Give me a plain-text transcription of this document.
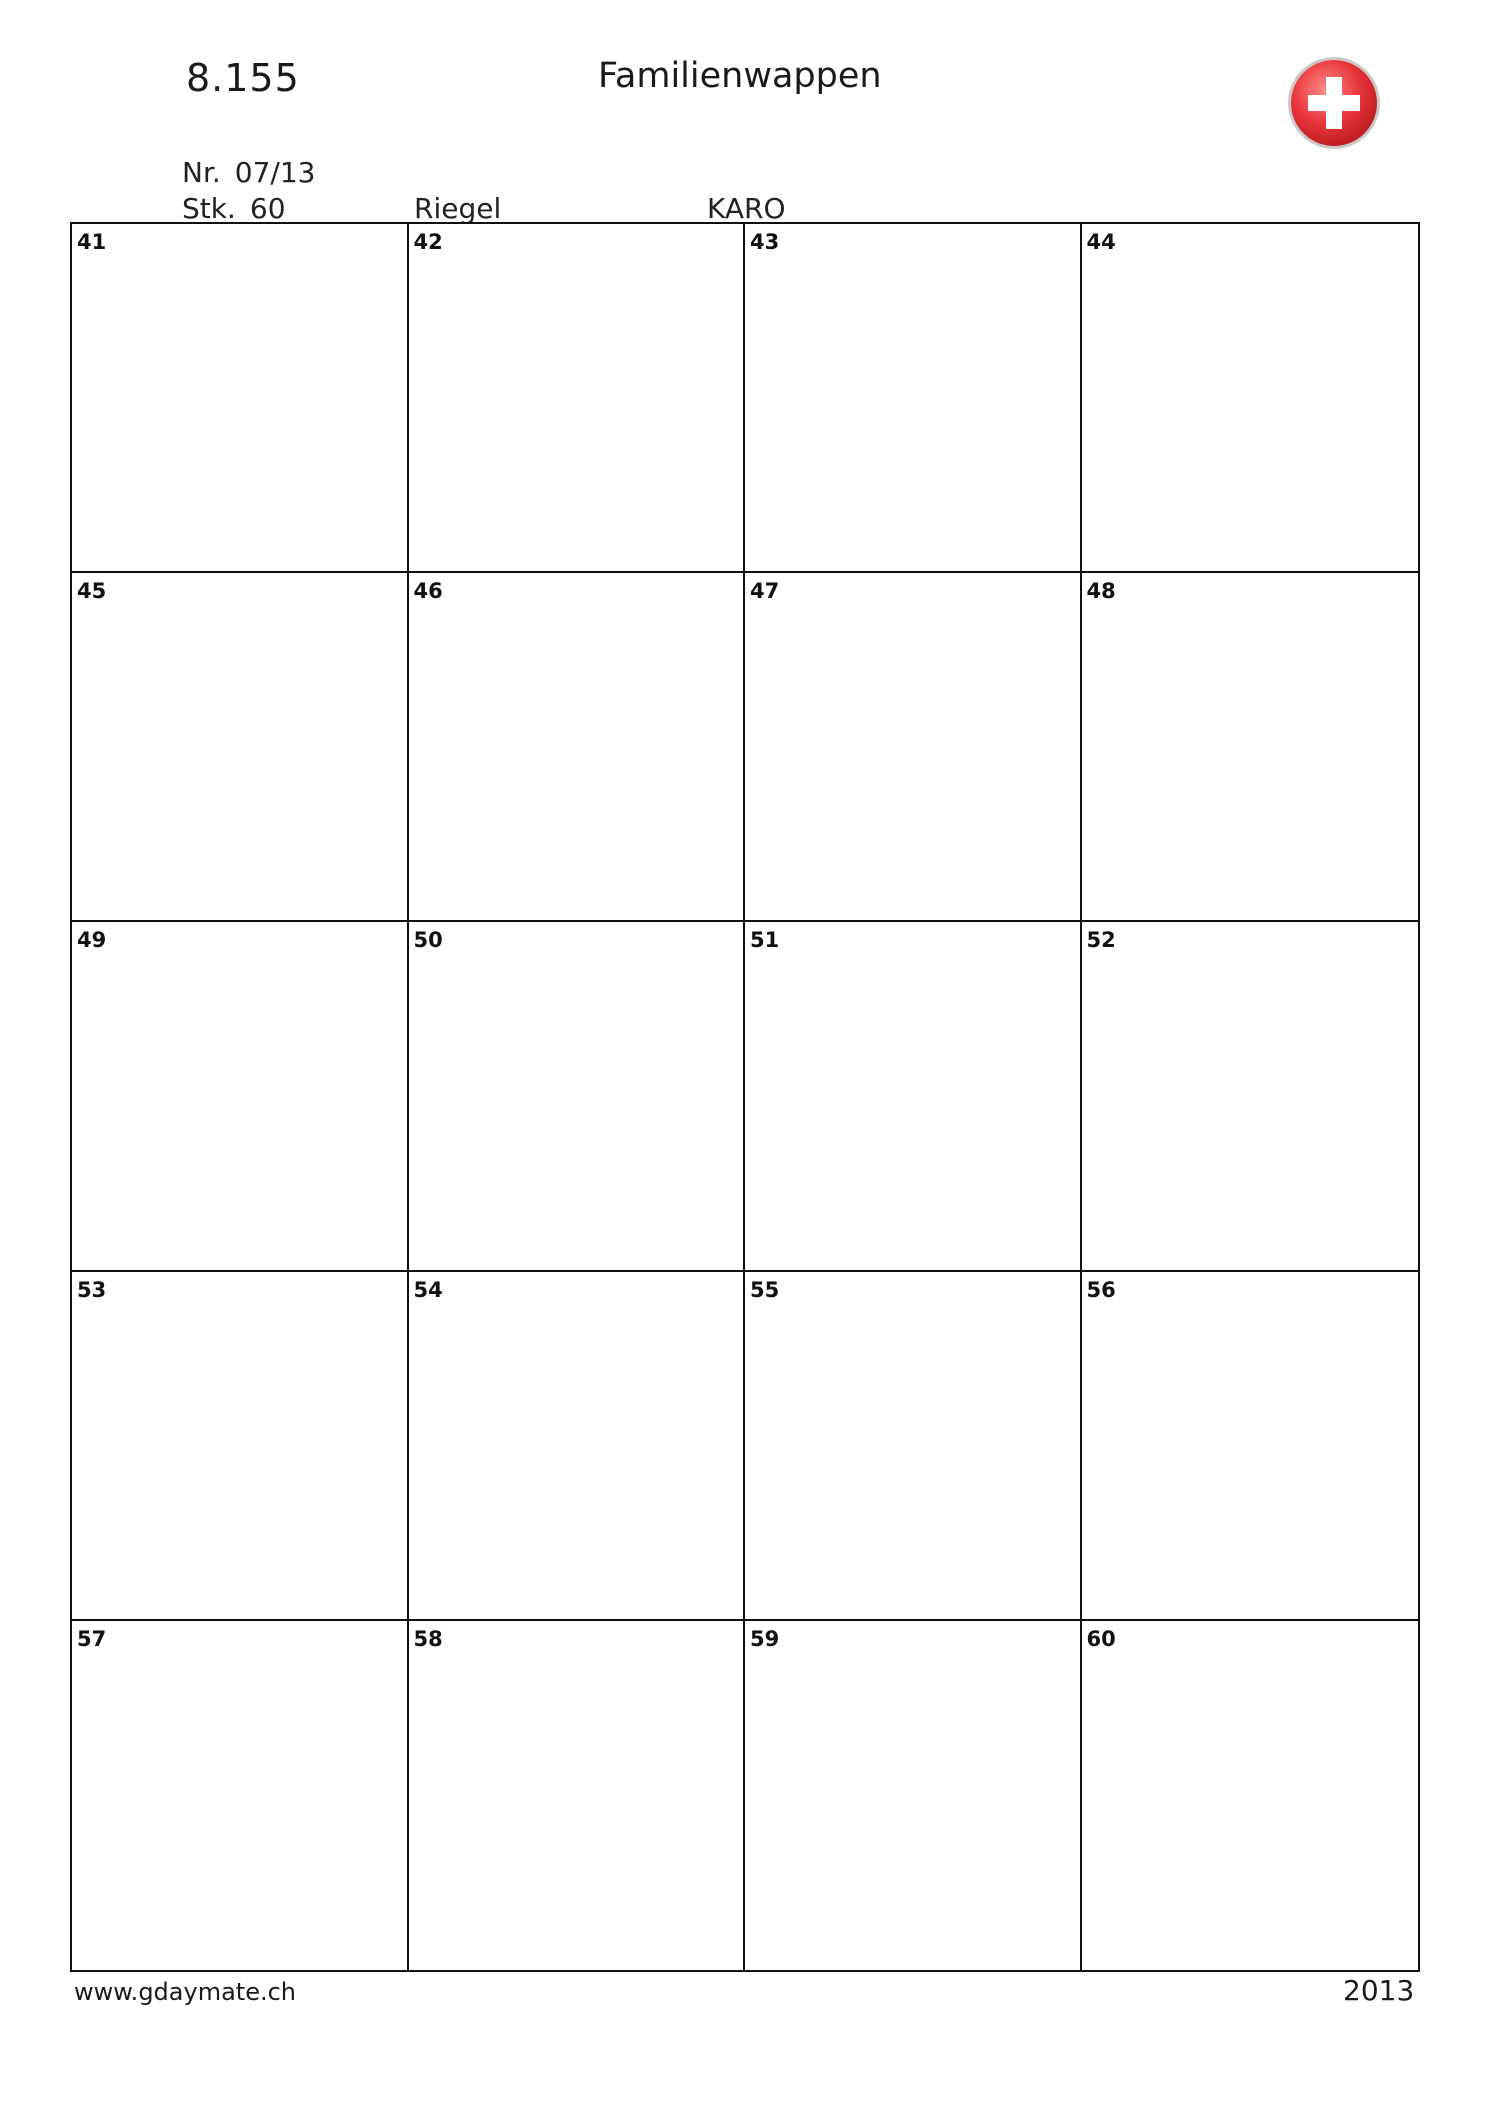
8.155	Familienwappen
Nr. 07/13
Stk. 60	Riegel	KARO
41	42	43	44
45	46	47	48
49	50	51	52
53	54	55	56
57	58	59	60
www.gdaymate.ch	2013
